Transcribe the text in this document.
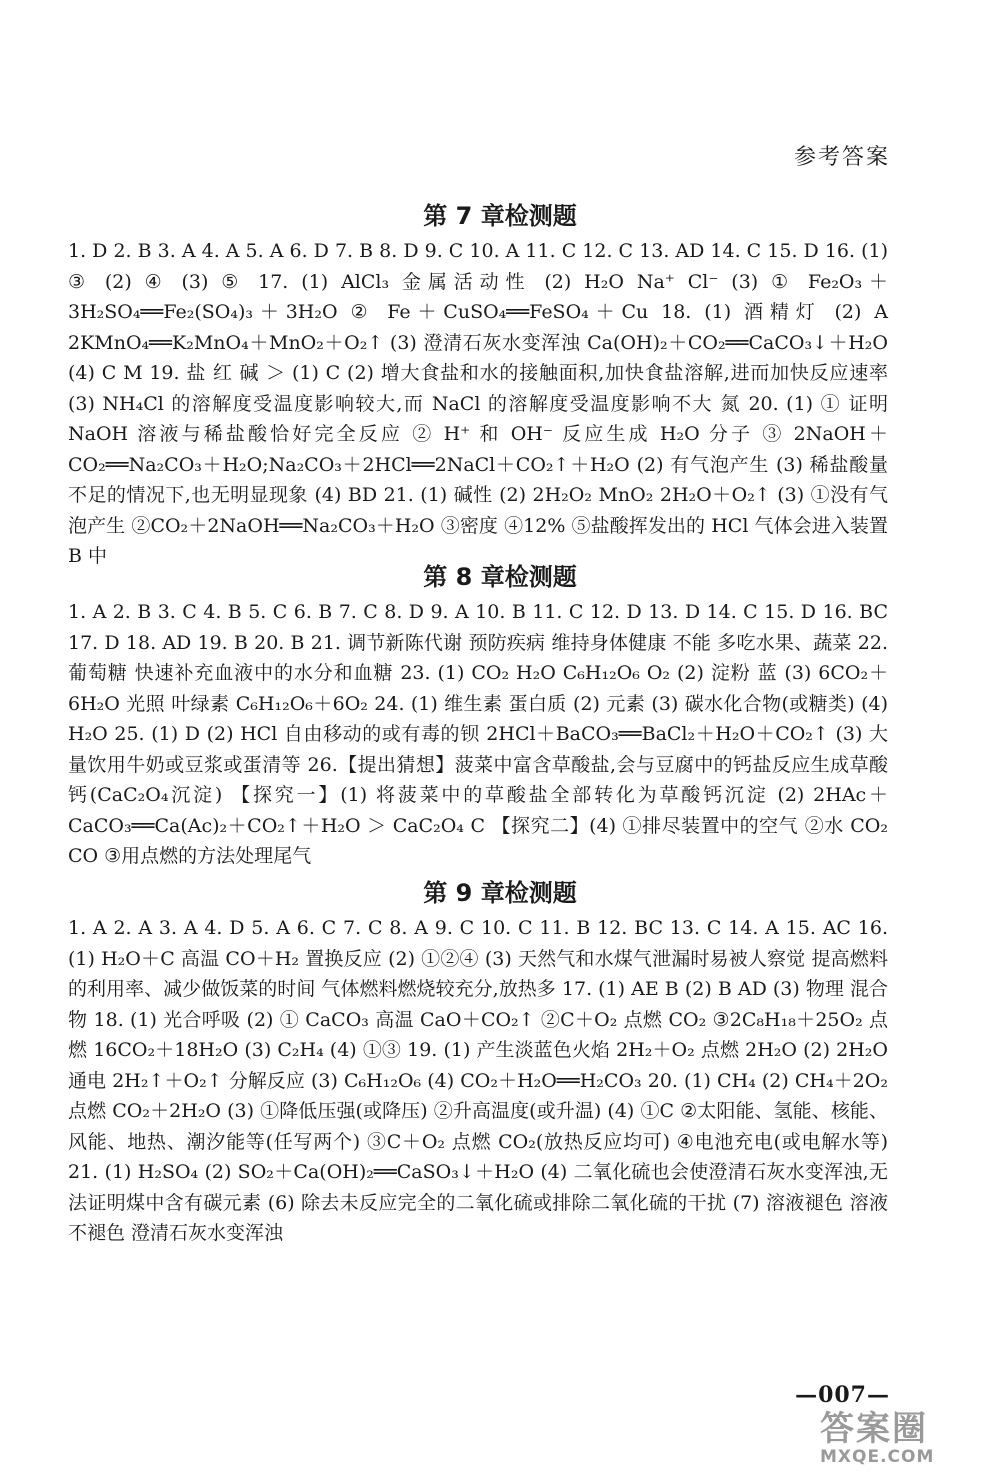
参考答案
第 7 章检测题

1. D 2. B 3. A 4. A 5. A 6. D 7. B 8. D 9. C 10. A 11. C 12. C 13. AD 14. C 15. D 16. (1) ③ (2) ④ (3) ⑤ 17. (1) AlCl₃ 金属活动性 (2) H₂O Na⁺ Cl⁻ (3) ① Fe₂O₃＋3H₂SO₄══Fe₂(SO₄)₃＋3H₂O ② Fe＋CuSO₄══FeSO₄＋Cu 18. (1) 酒精灯 (2) A 2KMnO₄══K₂MnO₄＋MnO₂＋O₂↑ (3) 澄清石灰水变浑浊 Ca(OH)₂＋CO₂══CaCO₃↓＋H₂O (4) C M 19. 盐 红 碱 ＞ (1) C (2) 增大食盐和水的接触面积,加快食盐溶解,进而加快反应速率 (3) NH₄Cl 的溶解度受温度影响较大,而 NaCl 的溶解度受温度影响不大 氮 20. (1) ① 证明 NaOH 溶液与稀盐酸恰好完全反应 ② H⁺ 和 OH⁻ 反应生成 H₂O 分子 ③ 2NaOH＋CO₂══Na₂CO₃＋H₂O;Na₂CO₃＋2HCl══2NaCl＋CO₂↑＋H₂O (2) 有气泡产生 (3) 稀盐酸量不足的情况下,也无明显现象 (4) BD 21. (1) 碱性 (2) 2H₂O₂ MnO₂ 2H₂O＋O₂↑ (3) ①没有气泡产生 ②CO₂＋2NaOH══Na₂CO₃＋H₂O ③密度 ④12% ⑤盐酸挥发出的 HCl 气体会进入装置 B 中

第 8 章检测题

1. A 2. B 3. C 4. B 5. C 6. B 7. C 8. D 9. A 10. B 11. C 12. D 13. D 14. C 15. D 16. BC 17. D 18. AD 19. B 20. B 21. 调节新陈代谢 预防疾病 维持身体健康 不能 多吃水果、蔬菜 22. 葡萄糖 快速补充血液中的水分和血糖 23. (1) CO₂ H₂O C₆H₁₂O₆ O₂ (2) 淀粉 蓝 (3) 6CO₂＋6H₂O 光照 叶绿素 C₆H₁₂O₆＋6O₂ 24. (1) 维生素 蛋白质 (2) 元素 (3) 碳水化合物(或糖类) (4) H₂O 25. (1) D (2) HCl 自由移动的或有毒的钡 2HCl＋BaCO₃══BaCl₂＋H₂O＋CO₂↑ (3) 大量饮用牛奶或豆浆或蛋清等 26.【提出猜想】菠菜中富含草酸盐,会与豆腐中的钙盐反应生成草酸钙(CaC₂O₄沉淀) 【探究一】(1) 将菠菜中的草酸盐全部转化为草酸钙沉淀 (2) 2HAc＋CaCO₃══Ca(Ac)₂＋CO₂↑＋H₂O ＞ CaC₂O₄ C 【探究二】(4) ①排尽装置中的空气 ②水 CO₂ CO ③用点燃的方法处理尾气

第 9 章检测题

1. A 2. A 3. A 4. D 5. A 6. C 7. C 8. A 9. C 10. C 11. B 12. BC 13. C 14. A 15. AC 16. (1) H₂O＋C 高温 CO＋H₂ 置换反应 (2) ①②④ (3) 天然气和水煤气泄漏时易被人察觉 提高燃料的利用率、减少做饭菜的时间 气体燃料燃烧较充分,放热多 17. (1) AE B (2) B AD (3) 物理 混合物 18. (1) 光合呼吸 (2) ① CaCO₃ 高温 CaO＋CO₂↑ ②C＋O₂ 点燃 CO₂ ③2C₈H₁₈＋25O₂ 点燃 16CO₂＋18H₂O (3) C₂H₄ (4) ①③ 19. (1) 产生淡蓝色火焰 2H₂＋O₂ 点燃 2H₂O (2) 2H₂O 通电 2H₂↑＋O₂↑ 分解反应 (3) C₆H₁₂O₆ (4) CO₂＋H₂O══H₂CO₃ 20. (1) CH₄ (2) CH₄＋2O₂ 点燃 CO₂＋2H₂O (3) ①降低压强(或降压) ②升高温度(或升温) (4) ①C ②太阳能、氢能、核能、风能、地热、潮汐能等(任写两个) ③C＋O₂ 点燃 CO₂(放热反应均可) ④电池充电(或电解水等) 21. (1) H₂SO₄ (2) SO₂＋Ca(OH)₂══CaSO₃↓＋H₂O (4) 二氧化硫也会使澄清石灰水变浑浊,无法证明煤中含有碳元素 (6) 除去未反应完全的二氧化硫或排除二氧化硫的干扰 (7) 溶液褪色 溶液不褪色 澄清石灰水变浑浊

—007—
答案圈
MXQE.COM
